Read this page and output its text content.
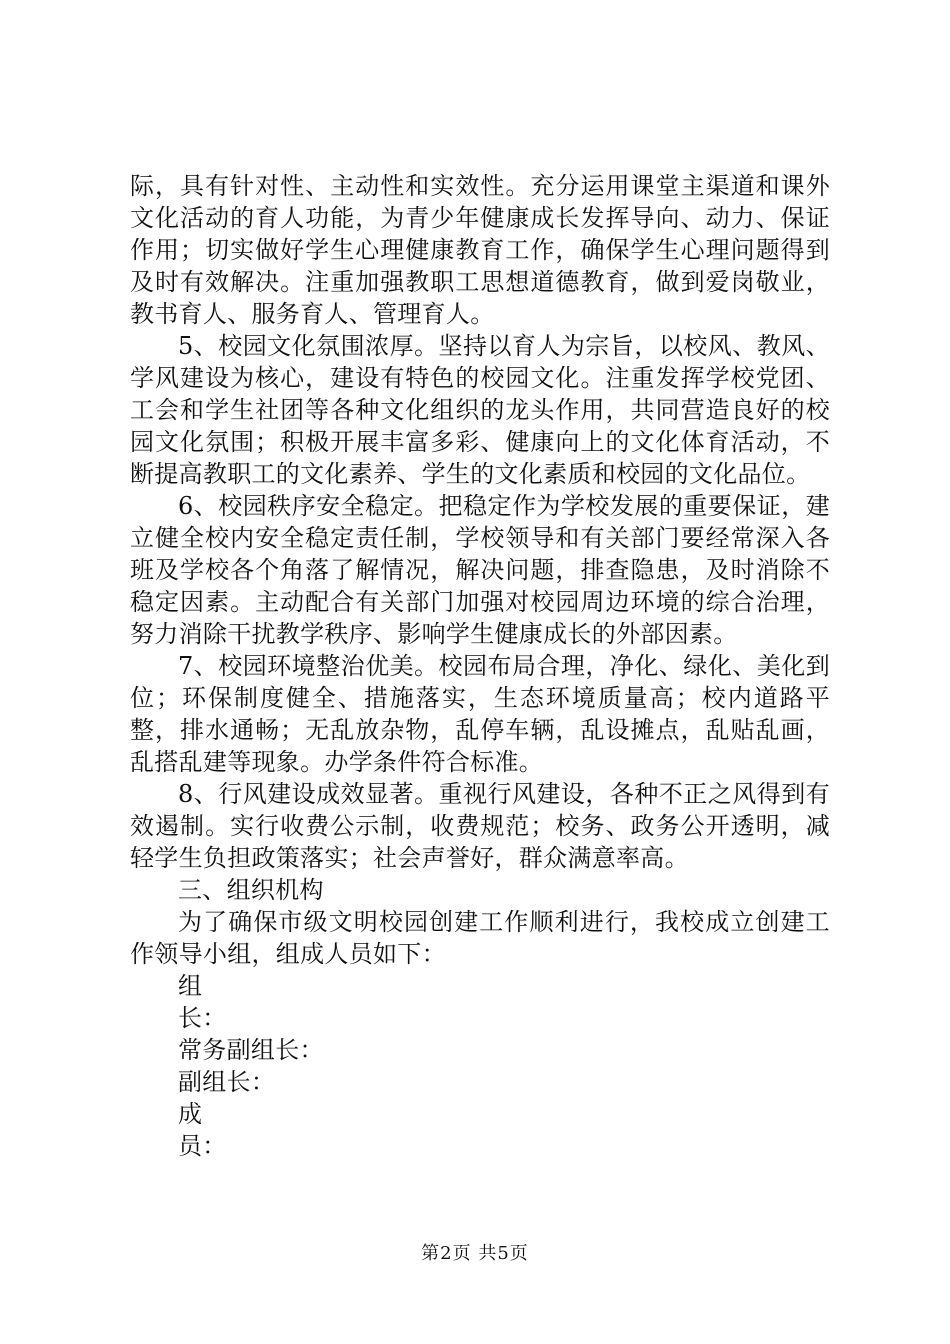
际，具有针对性、主动性和实效性。充分运用课堂主渠道和课外文化活动的育人功能，为青少年健康成长发挥导向、动力、保证作用；切实做好学生心理健康教育工作，确保学生心理问题得到及时有效解决。注重加强教职工思想道德教育，做到爱岗敬业，教书育人、服务育人、管理育人。

5、校园文化氛围浓厚。坚持以育人为宗旨，以校风、教风、学风建设为核心，建设有特色的校园文化。注重发挥学校党团、工会和学生社团等各种文化组织的龙头作用，共同营造良好的校园文化氛围；积极开展丰富多彩、健康向上的文化体育活动，不断提高教职工的文化素养、学生的文化素质和校园的文化品位。

6、校园秩序安全稳定。把稳定作为学校发展的重要保证，建立健全校内安全稳定责任制，学校领导和有关部门要经常深入各班及学校各个角落了解情况，解决问题，排查隐患，及时消除不稳定因素。主动配合有关部门加强对校园周边环境的综合治理，努力消除干扰教学秩序、影响学生健康成长的外部因素。

7、校园环境整治优美。校园布局合理，净化、绿化、美化到位；环保制度健全、措施落实，生态环境质量高；校内道路平整，排水通畅；无乱放杂物，乱停车辆，乱设摊点，乱贴乱画，乱搭乱建等现象。办学条件符合标准。

8、行风建设成效显著。重视行风建设，各种不正之风得到有效遏制。实行收费公示制，收费规范；校务、政务公开透明，减轻学生负担政策落实；社会声誉好，群众满意率高。

三、组织机构

为了确保市级文明校园创建工作顺利进行，我校成立创建工作领导小组，组成人员如下：

组

长：

常务副组长：

副组长：

成

员：

第2页 共5页
